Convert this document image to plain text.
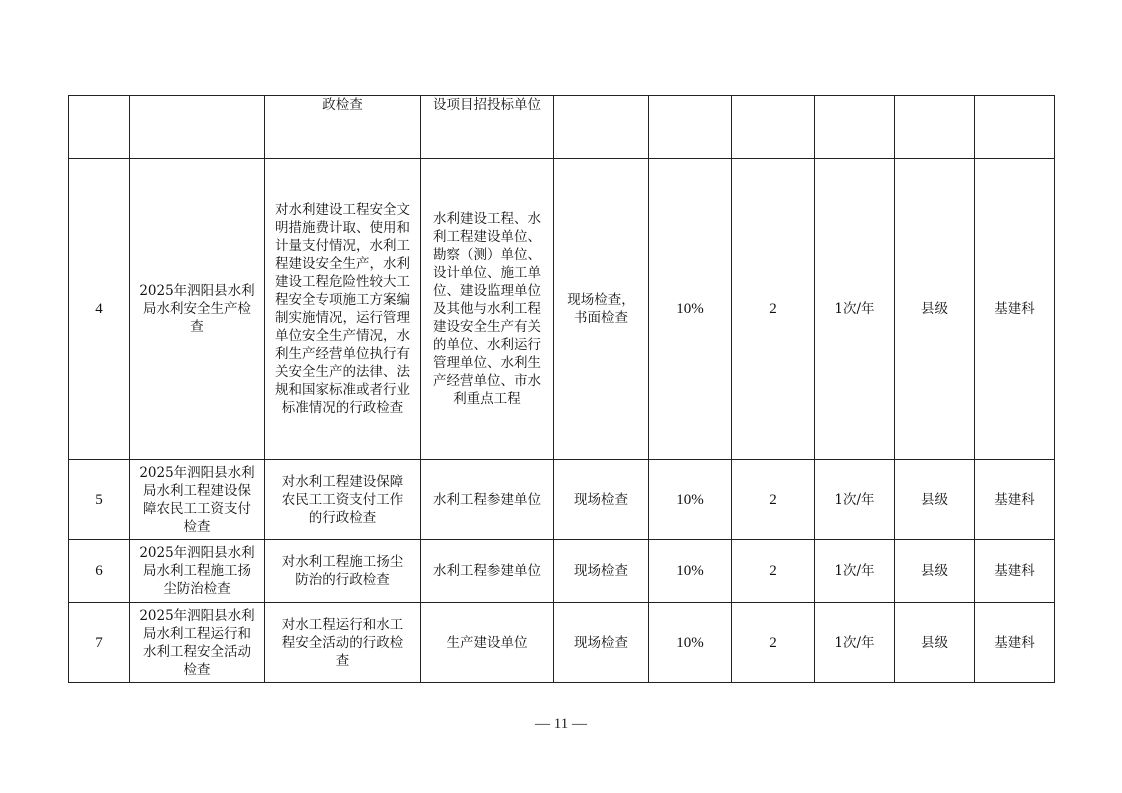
		政检查	设项目招投标单位						
4	2025年泗阳县水利局水利安全生产检查	对水利建设工程安全文明措施费计取、使用和计量支付情况，水利工程建设安全生产，水利建设工程危险性较大工程安全专项施工方案编制实施情况，运行管理单位安全生产情况，水利生产经营单位执行有关安全生产的法律、法规和国家标准或者行业标准情况的行政检查	水利建设工程、水利工程建设单位、勘察（测）单位、设计单位、施工单位、建设监理单位及其他与水利工程建设安全生产有关的单位、水利运行管理单位、水利生产经营单位、市水利重点工程	现场检查，书面检查	10%	2	1次/年	县级	基建科
5	2025年泗阳县水利局水利工程建设保障农民工工资支付检查	对水利工程建设保障农民工工资支付工作的行政检查	水利工程参建单位	现场检查	10%	2	1次/年	县级	基建科
6	2025年泗阳县水利局水利工程施工扬尘防治检查	对水利工程施工扬尘防治的行政检查	水利工程参建单位	现场检查	10%	2	1次/年	县级	基建科
7	2025年泗阳县水利局水利工程运行和水利工程安全活动检查	对水工程运行和水工程安全活动的行政检查	生产建设单位	现场检查	10%	2	1次/年	县级	基建科
— 11 —
